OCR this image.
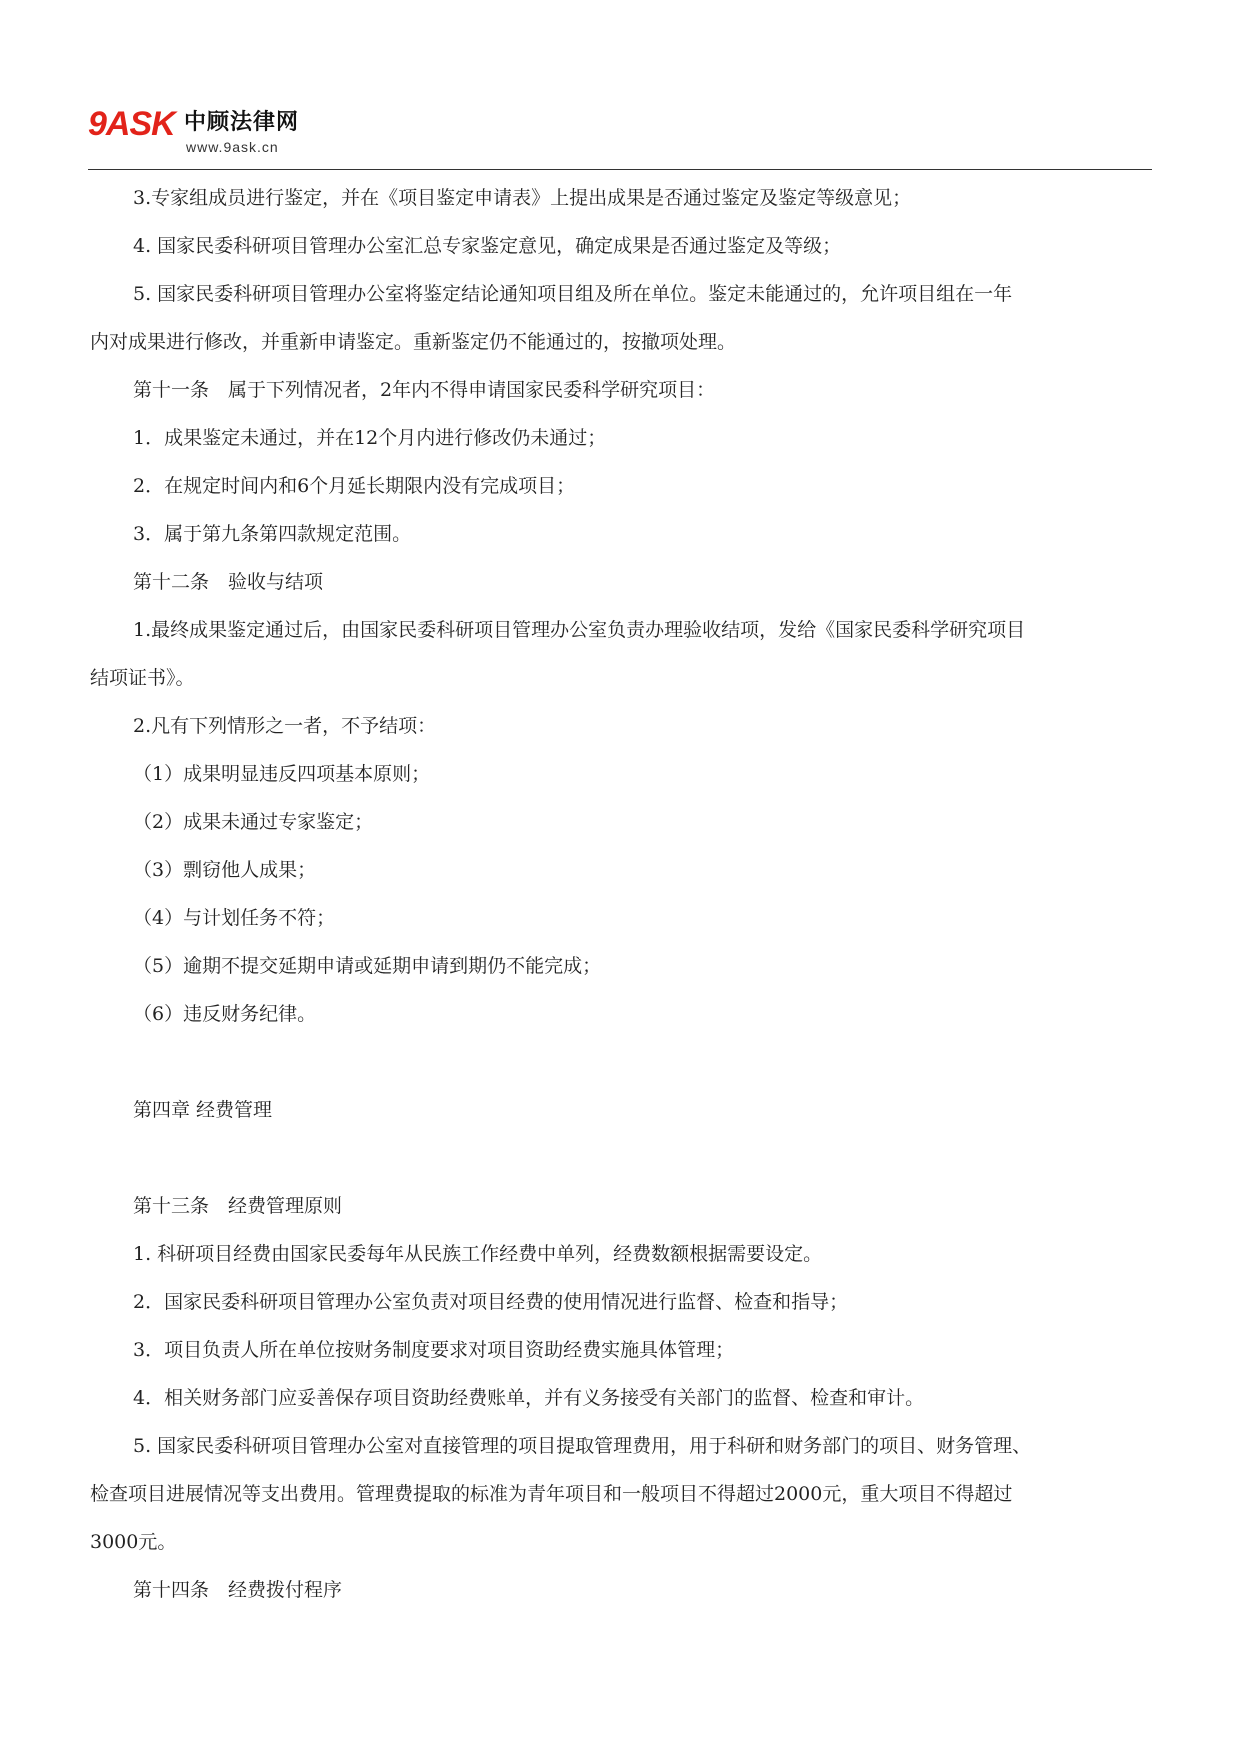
9ASK 中顾法律网
www.9ask.cn

3.专家组成员进行鉴定，并在《项目鉴定申请表》上提出成果是否通过鉴定及鉴定等级意见；

4. 国家民委科研项目管理办公室汇总专家鉴定意见，确定成果是否通过鉴定及等级；

5. 国家民委科研项目管理办公室将鉴定结论通知项目组及所在单位。鉴定未能通过的，允许项目组在一年

内对成果进行修改，并重新申请鉴定。重新鉴定仍不能通过的，按撤项处理。

第十一条　属于下列情况者，2年内不得申请国家民委科学研究项目：

1．成果鉴定未通过，并在12个月内进行修改仍未通过；

2．在规定时间内和6个月延长期限内没有完成项目；

3．属于第九条第四款规定范围。

第十二条　验收与结项

1.最终成果鉴定通过后，由国家民委科研项目管理办公室负责办理验收结项，发给《国家民委科学研究项目

结项证书》。

2.凡有下列情形之一者，不予结项：

（1）成果明显违反四项基本原则；

（2）成果未通过专家鉴定；

（3）剽窃他人成果；

（4）与计划任务不符；

（5）逾期不提交延期申请或延期申请到期仍不能完成；

（6）违反财务纪律。

第四章 经费管理

第十三条　经费管理原则

1. 科研项目经费由国家民委每年从民族工作经费中单列，经费数额根据需要设定。

2．国家民委科研项目管理办公室负责对项目经费的使用情况进行监督、检查和指导；

3．项目负责人所在单位按财务制度要求对项目资助经费实施具体管理；

4．相关财务部门应妥善保存项目资助经费账单，并有义务接受有关部门的监督、检查和审计。

5. 国家民委科研项目管理办公室对直接管理的项目提取管理费用，用于科研和财务部门的项目、财务管理、

检查项目进展情况等支出费用。管理费提取的标准为青年项目和一般项目不得超过2000元，重大项目不得超过

3000元。

第十四条　经费拨付程序
